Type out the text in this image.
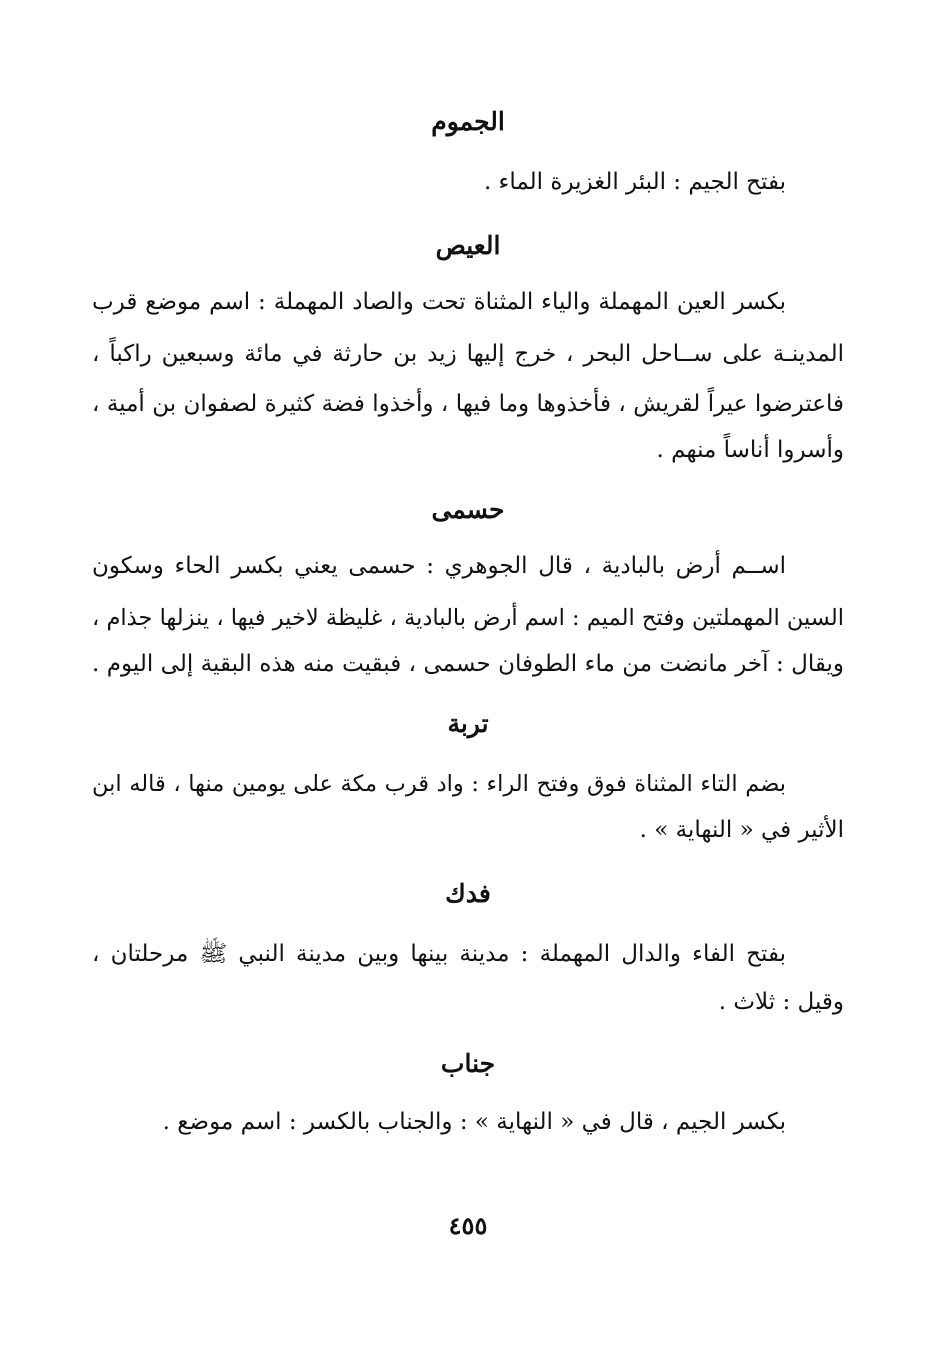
الجموم

بفتح الجيم : البئر الغزيرة الماء .

العيص

بكسر العين المهملة والياء المثناة تحت والصاد المهملة : اسم موضع قرب

المدينـة على ســاحل البحر ، خرج إليها زيد بن حارثة في مائة وسبعين راكباً ،

فاعترضوا عيراً لقريش ، فأخذوها وما فيها ، وأخذوا فضة كثيرة لصفوان بن أمية ،

وأسروا أناساً منهم .

حسمى

اســم أرض بالبادية ، قال الجوهري : حسمى يعني بكسر الحاء وسكون

السين المهملتين وفتح الميم : اسم أرض بالبادية ، غليظة لاخير فيها ، ينزلها جذام ،

ويقال : آخر مانضت من ماء الطوفان حسمى ، فبقيت منه هذه البقية إلى اليوم .

تربة

بضم التاء المثناة فوق وفتح الراء : واد قرب مكة على يومين منها ، قاله ابن

الأثير في « النهاية » .

فدك

بفتح الفاء والدال المهملة : مدينة بينها وبين مدينة النبي ﷺ مرحلتان ،

وقيل : ثلاث .

جناب

بكسر الجيم ، قال في « النهاية » : والجناب بالكسر : اسم موضع .

٤٥٥
